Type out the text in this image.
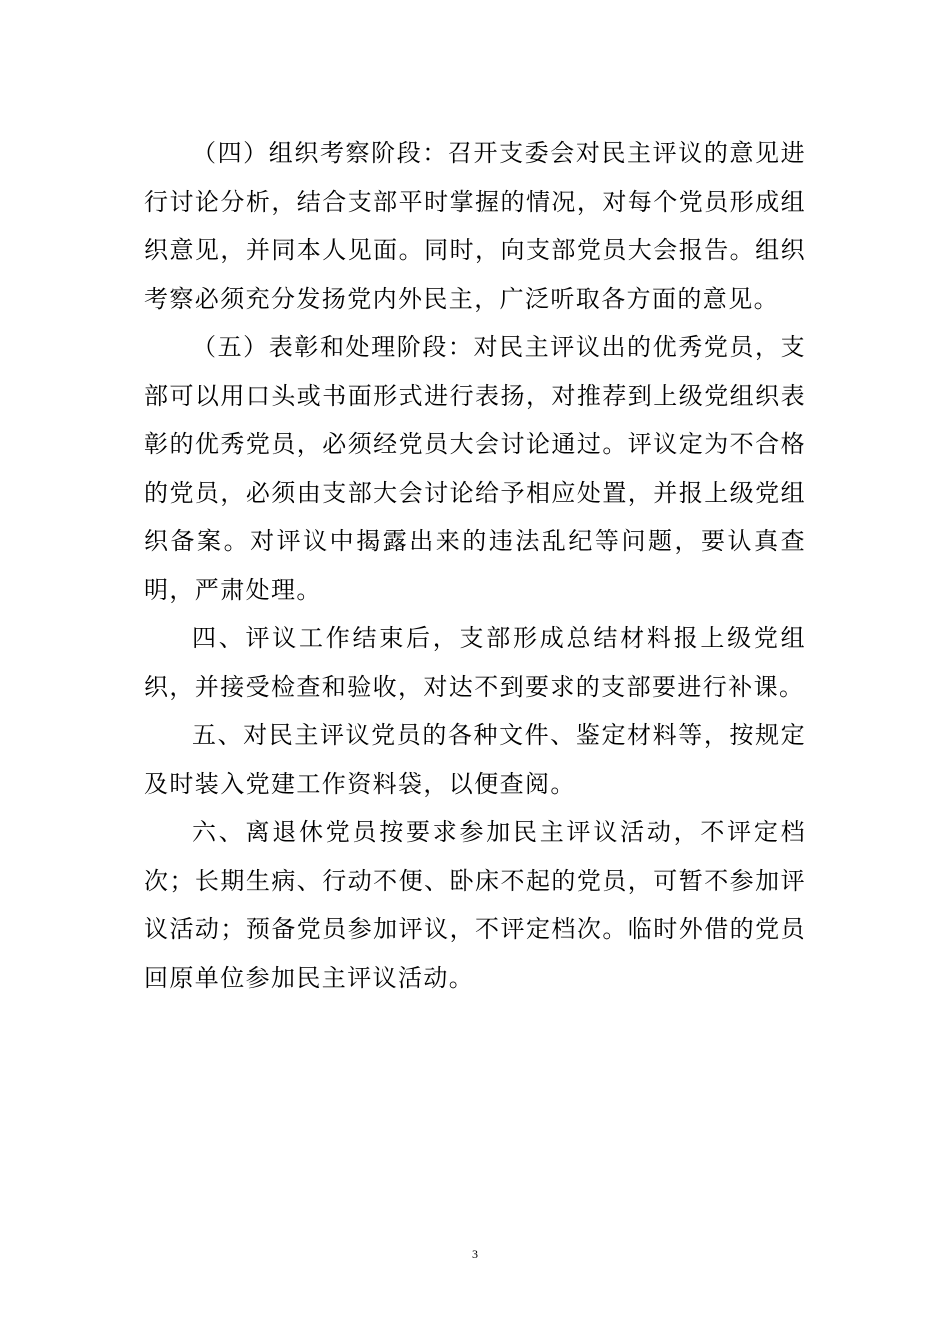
（四）组织考察阶段：召开支委会对民主评议的意见进行讨论分析，结合支部平时掌握的情况，对每个党员形成组织意见，并同本人见面。同时，向支部党员大会报告。组织考察必须充分发扬党内外民主，广泛听取各方面的意见。

（五）表彰和处理阶段：对民主评议出的优秀党员，支部可以用口头或书面形式进行表扬，对推荐到上级党组织表彰的优秀党员，必须经党员大会讨论通过。评议定为不合格的党员，必须由支部大会讨论给予相应处置，并报上级党组织备案。对评议中揭露出来的违法乱纪等问题，要认真查明，严肃处理。

四、评议工作结束后，支部形成总结材料报上级党组织，并接受检查和验收，对达不到要求的支部要进行补课。

五、对民主评议党员的各种文件、鉴定材料等，按规定及时装入党建工作资料袋，以便查阅。

六、离退休党员按要求参加民主评议活动，不评定档次；长期生病、行动不便、卧床不起的党员，可暂不参加评议活动；预备党员参加评议，不评定档次。临时外借的党员回原单位参加民主评议活动。

3
